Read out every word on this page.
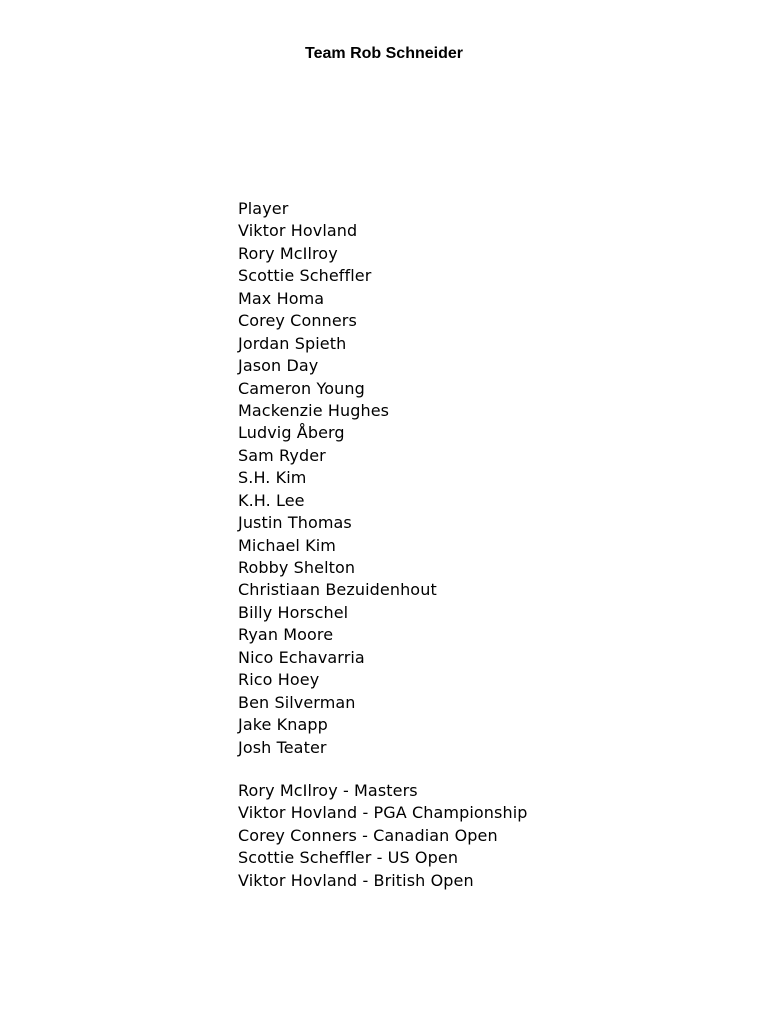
Team Rob Schneider
Player
Viktor Hovland
Rory McIlroy
Scottie Scheffler
Max Homa
Corey Conners
Jordan Spieth
Jason Day
Cameron Young
Mackenzie Hughes
Ludvig Åberg
Sam Ryder
S.H. Kim
K.H. Lee
Justin Thomas
Michael Kim
Robby Shelton
Christiaan Bezuidenhout
Billy Horschel
Ryan Moore
Nico Echavarria
Rico Hoey
Ben Silverman
Jake Knapp
Josh Teater
Rory McIlroy - Masters
Viktor Hovland - PGA Championship
Corey Conners - Canadian Open
Scottie Scheffler - US Open
Viktor Hovland - British Open
